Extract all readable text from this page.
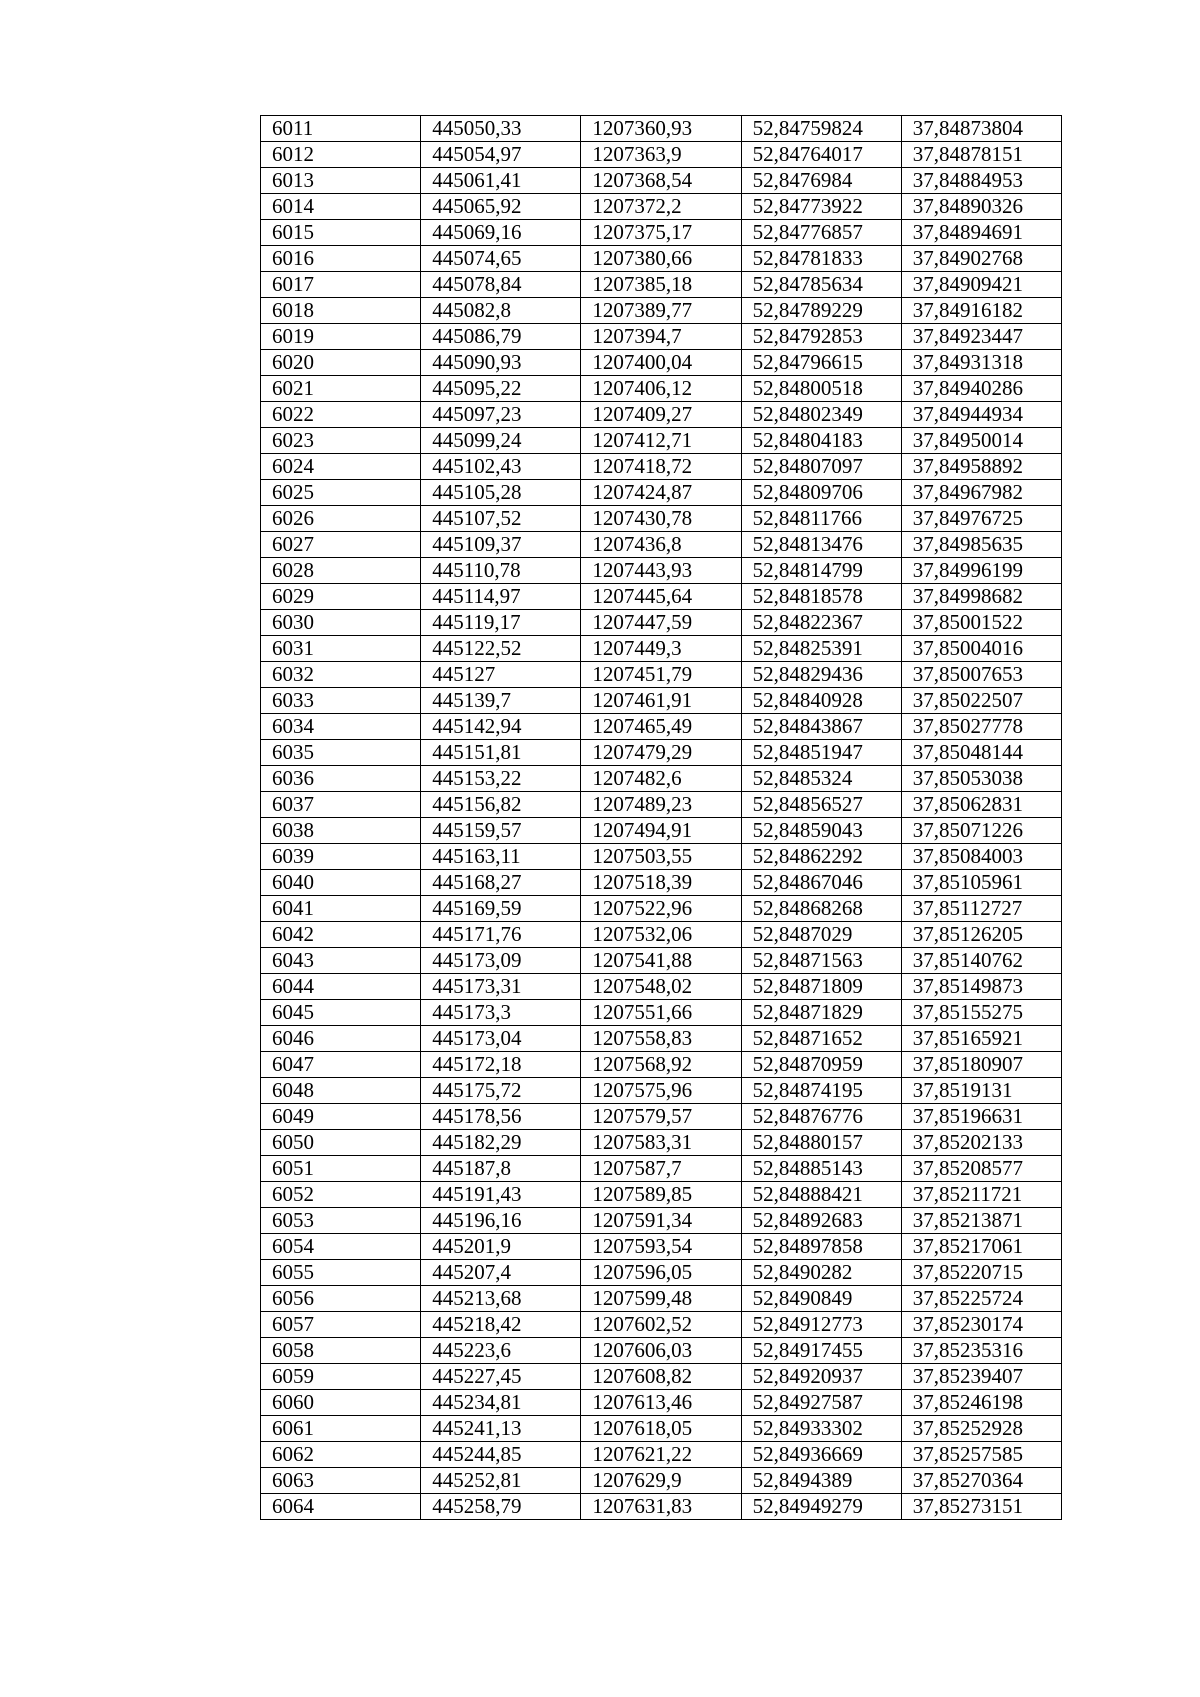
6011	445050,33	1207360,93	52,84759824	37,84873804
6012	445054,97	1207363,9	52,84764017	37,84878151
6013	445061,41	1207368,54	52,8476984	37,84884953
6014	445065,92	1207372,2	52,84773922	37,84890326
6015	445069,16	1207375,17	52,84776857	37,84894691
6016	445074,65	1207380,66	52,84781833	37,84902768
6017	445078,84	1207385,18	52,84785634	37,84909421
6018	445082,8	1207389,77	52,84789229	37,84916182
6019	445086,79	1207394,7	52,84792853	37,84923447
6020	445090,93	1207400,04	52,84796615	37,84931318
6021	445095,22	1207406,12	52,84800518	37,84940286
6022	445097,23	1207409,27	52,84802349	37,84944934
6023	445099,24	1207412,71	52,84804183	37,84950014
6024	445102,43	1207418,72	52,84807097	37,84958892
6025	445105,28	1207424,87	52,84809706	37,84967982
6026	445107,52	1207430,78	52,84811766	37,84976725
6027	445109,37	1207436,8	52,84813476	37,84985635
6028	445110,78	1207443,93	52,84814799	37,84996199
6029	445114,97	1207445,64	52,84818578	37,84998682
6030	445119,17	1207447,59	52,84822367	37,85001522
6031	445122,52	1207449,3	52,84825391	37,85004016
6032	445127	1207451,79	52,84829436	37,85007653
6033	445139,7	1207461,91	52,84840928	37,85022507
6034	445142,94	1207465,49	52,84843867	37,85027778
6035	445151,81	1207479,29	52,84851947	37,85048144
6036	445153,22	1207482,6	52,8485324	37,85053038
6037	445156,82	1207489,23	52,84856527	37,85062831
6038	445159,57	1207494,91	52,84859043	37,85071226
6039	445163,11	1207503,55	52,84862292	37,85084003
6040	445168,27	1207518,39	52,84867046	37,85105961
6041	445169,59	1207522,96	52,84868268	37,85112727
6042	445171,76	1207532,06	52,8487029	37,85126205
6043	445173,09	1207541,88	52,84871563	37,85140762
6044	445173,31	1207548,02	52,84871809	37,85149873
6045	445173,3	1207551,66	52,84871829	37,85155275
6046	445173,04	1207558,83	52,84871652	37,85165921
6047	445172,18	1207568,92	52,84870959	37,85180907
6048	445175,72	1207575,96	52,84874195	37,8519131
6049	445178,56	1207579,57	52,84876776	37,85196631
6050	445182,29	1207583,31	52,84880157	37,85202133
6051	445187,8	1207587,7	52,84885143	37,85208577
6052	445191,43	1207589,85	52,84888421	37,85211721
6053	445196,16	1207591,34	52,84892683	37,85213871
6054	445201,9	1207593,54	52,84897858	37,85217061
6055	445207,4	1207596,05	52,8490282	37,85220715
6056	445213,68	1207599,48	52,8490849	37,85225724
6057	445218,42	1207602,52	52,84912773	37,85230174
6058	445223,6	1207606,03	52,84917455	37,85235316
6059	445227,45	1207608,82	52,84920937	37,85239407
6060	445234,81	1207613,46	52,84927587	37,85246198
6061	445241,13	1207618,05	52,84933302	37,85252928
6062	445244,85	1207621,22	52,84936669	37,85257585
6063	445252,81	1207629,9	52,8494389	37,85270364
6064	445258,79	1207631,83	52,84949279	37,85273151
